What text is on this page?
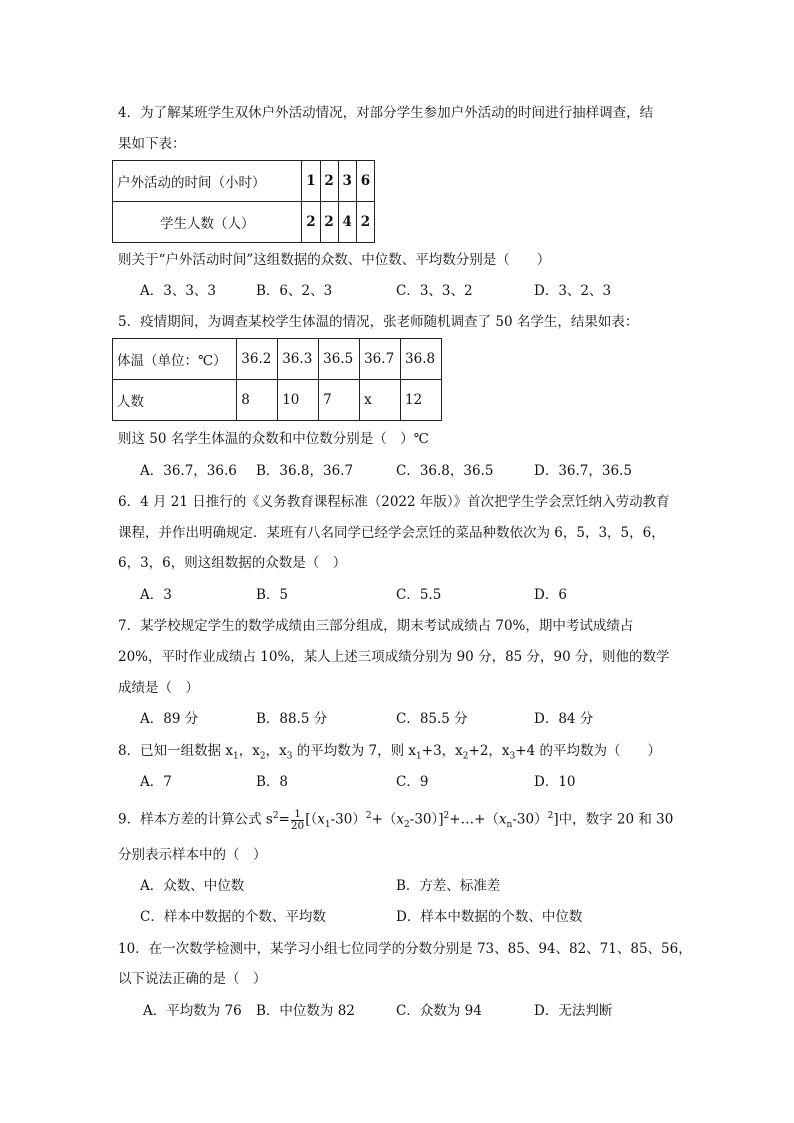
4．为了解某班学生双休户外活动情况，对部分学生参加户外活动的时间进行抽样调查，结
果如下表：
户外活动的时间（小时）	1	2	3	6
学生人数（人）	2	2	4	2
则关于“户外活动时间”这组数据的众数、中位数、平均数分别是（　　）
A．3、3、3	B．6、2、3	C．3、3、2	D．3、2、3
5．疫情期间，为调查某校学生体温的情况，张老师随机调查了 50 名学生，结果如表：
体温（单位：℃）	36.2	36.3	36.5	36.7	36.8
人数	8	10	7	x	12
则这 50 名学生体温的众数和中位数分别是（　）℃
A．36.7，36.6 B．36.8，36.7	C．36.8，36.5	D．36.7，36.5
6．4 月 21 日推行的《义务教育课程标准（2022 年版）》首次把学生学会烹饪纳入劳动教育
课程，并作出明确规定．某班有八名同学已经学会烹饪的菜品种数依次为 6，5，3，5，6，
6，3，6，则这组数据的众数是（　）
A．3	B．5	C．5.5	D．6
7．某学校规定学生的数学成绩由三部分组成，期末考试成绩占 70%，期中考试成绩占
20%，平时作业成绩占 10%，某人上述三项成绩分别为 90 分，85 分，90 分，则他的数学
成绩是（　）
A．89 分	B．88.5 分	C．85.5 分	D．84 分
8．已知一组数据 $x_1$，$x_2$，$x_3$ 的平均数为 7，则 $x_1+3$，$x_2+2$，$x_3+4$ 的平均数为（　　）
A．7	B．8	C．9	D．10
9．样本方差的计算公式 $s^2= \frac{1}{20}$ $[(x_1-30)^2+(x_2-30)]^2+\dots+(x_n-30)^2$]中，数字 20 和 30
分别表示样本中的（　）
A．众数、中位数	B．方差、标准差
C．样本中数据的个数、平均数	D．样本中数据的个数、中位数
10．在一次数学检测中，某学习小组七位同学的分数分别是 73、85、94、82、71、85、56，
以下说法正确的是（　）
A．平均数为 76 B．中位数为 82	C．众数为 94	D．无法判断
